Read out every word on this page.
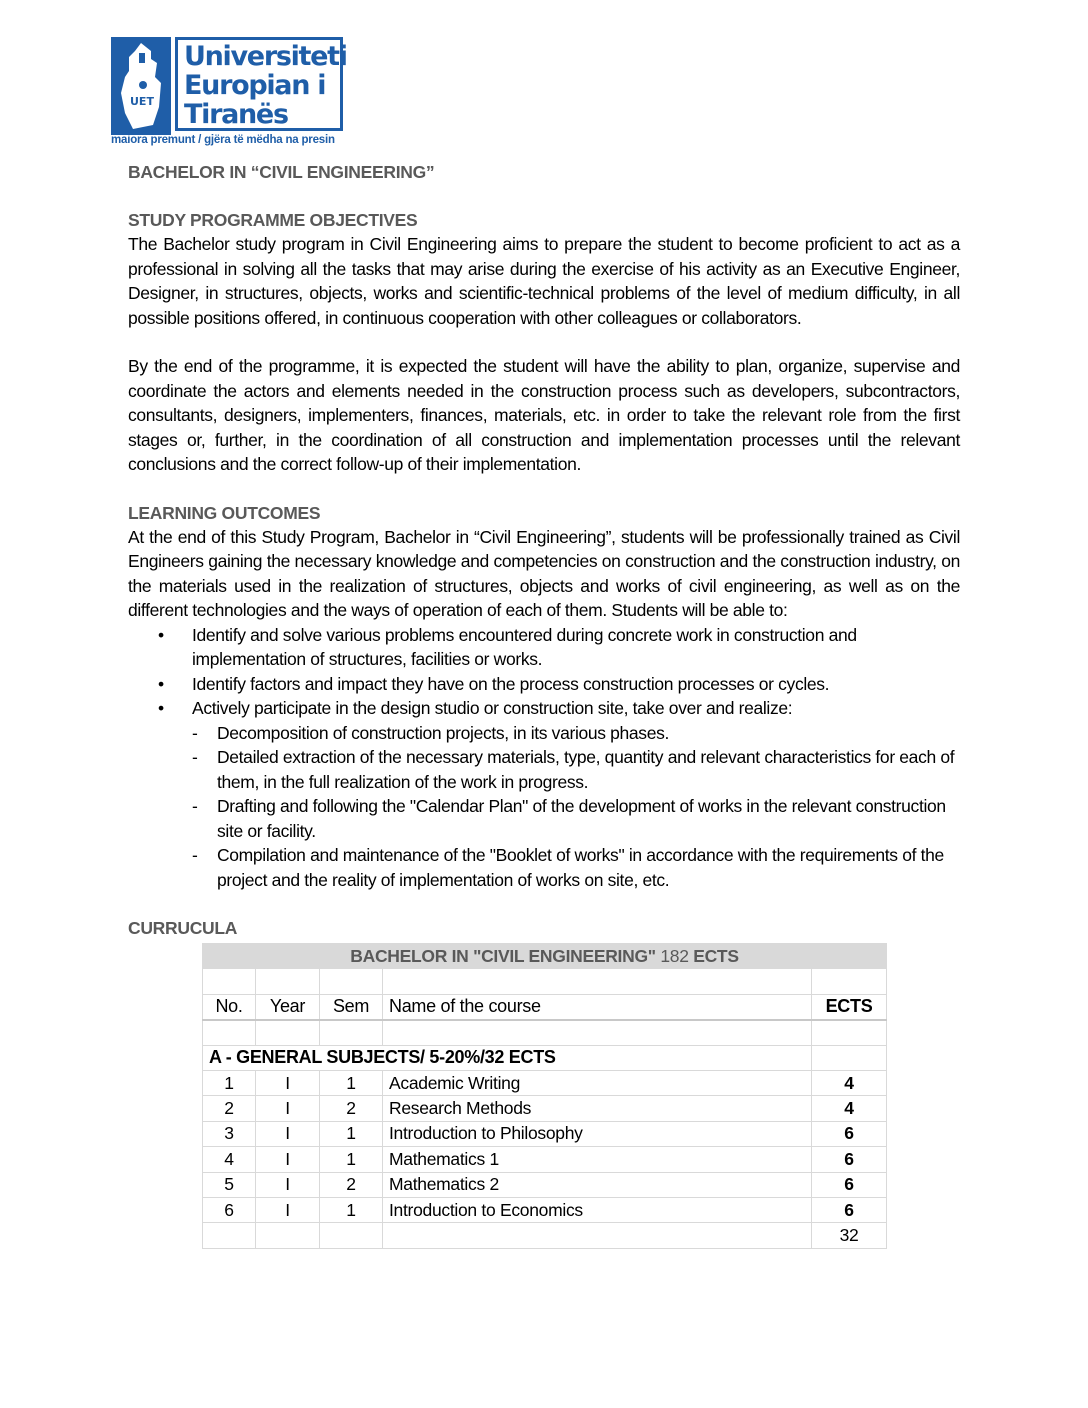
UET
Universiteti
Europian i
Tiranës
maiora premunt / gjëra të mëdha na presin

BACHELOR IN “CIVIL ENGINEERING”

STUDY PROGRAMME OBJECTIVES

The Bachelor study program in Civil Engineering aims to prepare the student to become proficient to act as a professional in solving all the tasks that may arise during the exercise of his activity as an Executive Engineer, Designer, in structures, objects, works and scientific-technical problems of the level of medium difficulty, in all possible positions offered, in continuous cooperation with other colleagues or collaborators.

By the end of the programme, it is expected the student will have the ability to plan, organize, supervise and coordinate the actors and elements needed in the construction process such as developers, subcontractors, consultants, designers, implementers, finances, materials, etc. in order to take the relevant role from the first stages or, further, in the coordination of all construction and implementation processes until the relevant conclusions and the correct follow-up of their implementation.

LEARNING OUTCOMES

At the end of this Study Program, Bachelor in “Civil Engineering”, students will be professionally trained as Civil Engineers gaining the necessary knowledge and competencies on construction and the construction industry, on the materials used in the realization of structures, objects and works of civil engineering, as well as on the different technologies and the ways of operation of each of them. Students will be able to:

• Identify and solve various problems encountered during concrete work in construction and implementation of structures, facilities or works.
• Identify factors and impact they have on the process construction processes or cycles.
• Actively participate in the design studio or construction site, take over and realize:
- Decomposition of construction projects, in its various phases.
- Detailed extraction of the necessary materials, type, quantity and relevant characteristics for each of them, in the full realization of the work in progress.
- Drafting and following the "Calendar Plan" of the development of works in the relevant construction site or facility.
- Compilation and maintenance of the "Booklet of works" in accordance with the requirements of the project and the reality of implementation of works on site, etc.

CURRUCULA

BACHELOR IN "CIVIL ENGINEERING" 182 ECTS				

No.	Year	Sem	Name of the course	ECTS

A - GENERAL SUBJECTS/ 5-20%/32 ECTS				
1	I	1	Academic Writing	4
2	I	2	Research Methods	4
3	I	1	Introduction to Philosophy	6
4	I	1	Mathematics 1	6
5	I	2	Mathematics 2	6
6	I	1	Introduction to Economics	6
				32
